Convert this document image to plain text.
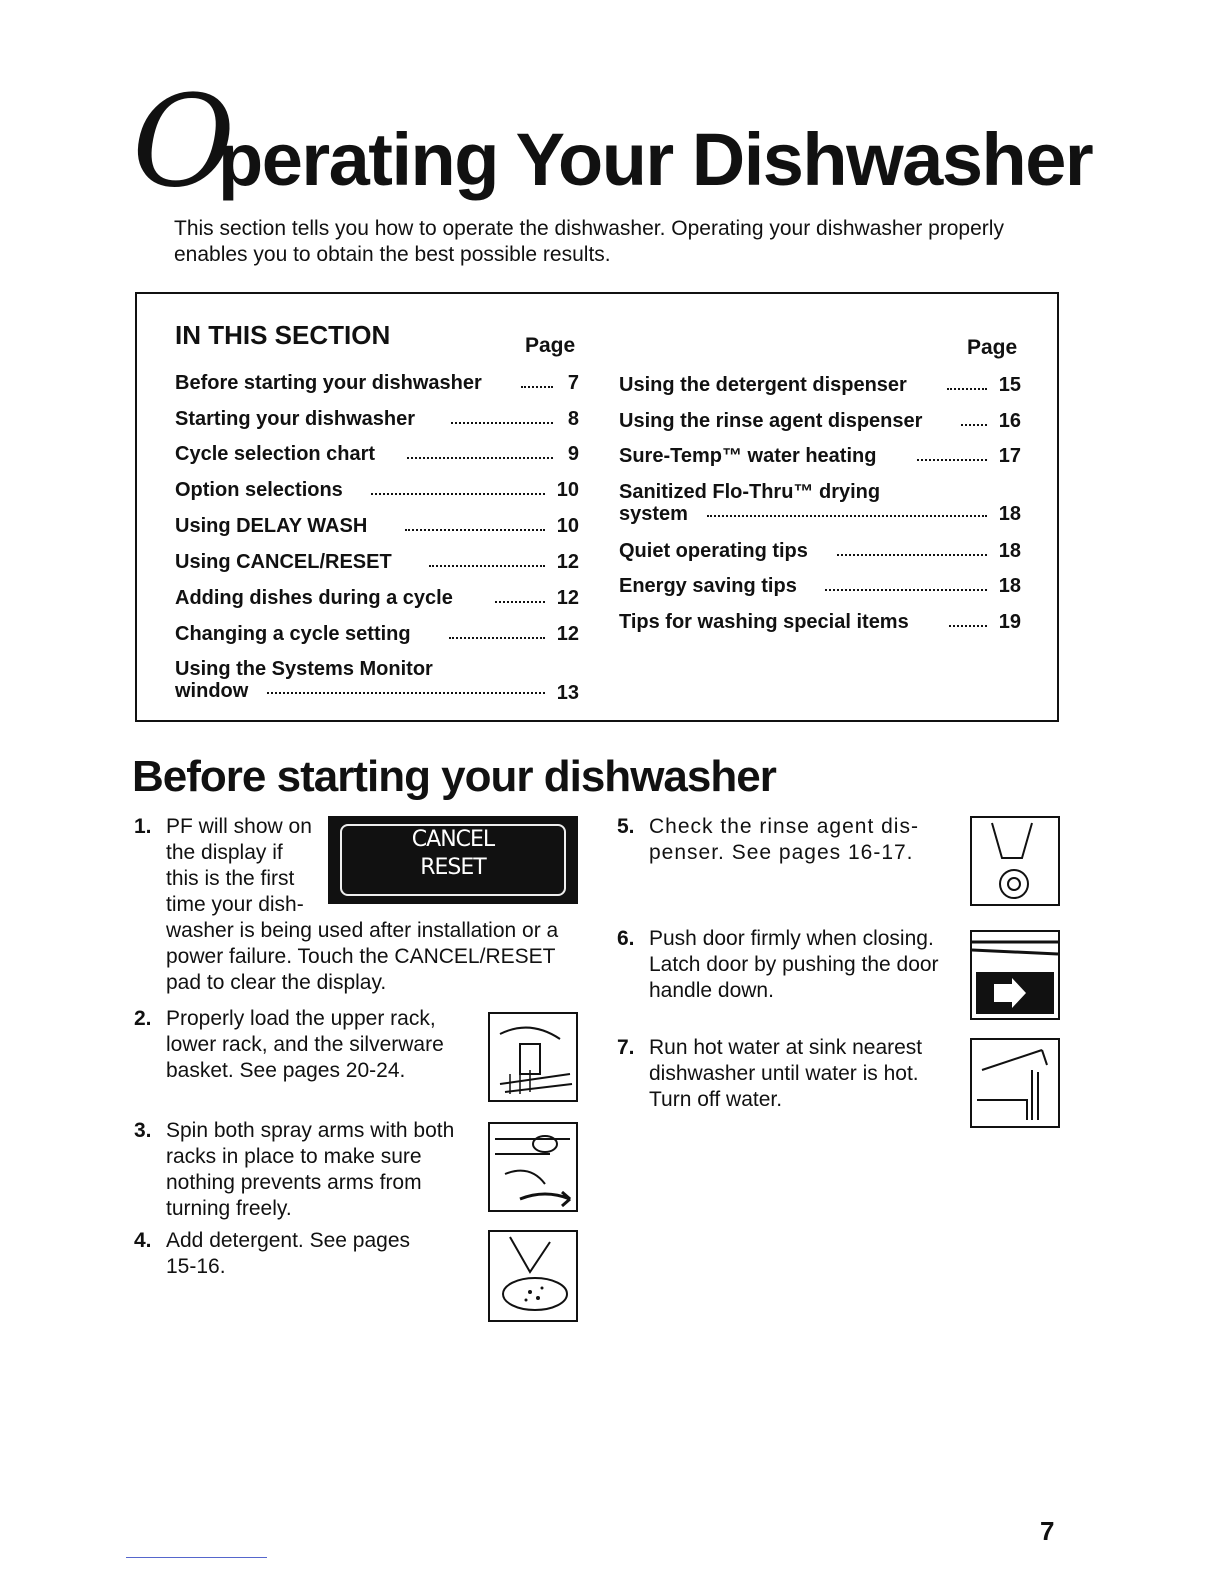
O
perating Your Dishwasher
This section tells you how to operate the dishwasher. Operating your dishwasher properly enables you to obtain the best possible results.
IN THIS SECTION	Page	Page
Before starting your dishwasher	7
Starting your dishwasher	8
Cycle selection chart	9
Option selections	10
Using DELAY WASH	10
Using CANCEL/RESET	12
Adding dishes during a cycle	12
Changing a cycle setting	12
Using the Systems Monitor
window	13
Using the detergent dispenser	15
Using the rinse agent dispenser	16
Sure-Temp™ water heating	17
Sanitized Flo-Thru™ drying
system	18
Quiet operating tips	18
Energy saving tips	18
Tips for washing special items	19
Before starting your dishwasher
1. PF will show on
the display if
this is the first
time your dish-
washer is being used after installation or a
power failure. Touch the CANCEL/RESET
pad to clear the display.
CANCEL
RESET
2. Properly load the upper rack,
lower rack, and the silverware
basket. See pages 20-24.
3. Spin both spray arms with both
racks in place to make sure
nothing prevents arms from
turning freely.
4. Add detergent. See pages
15-16.
5. Check the rinse agent dis-
penser. See pages 16-17.
6. Push door firmly when closing.
Latch door by pushing the door
handle down.
7. Run hot water at sink nearest
dishwasher until water is hot.
Turn off water.
7
